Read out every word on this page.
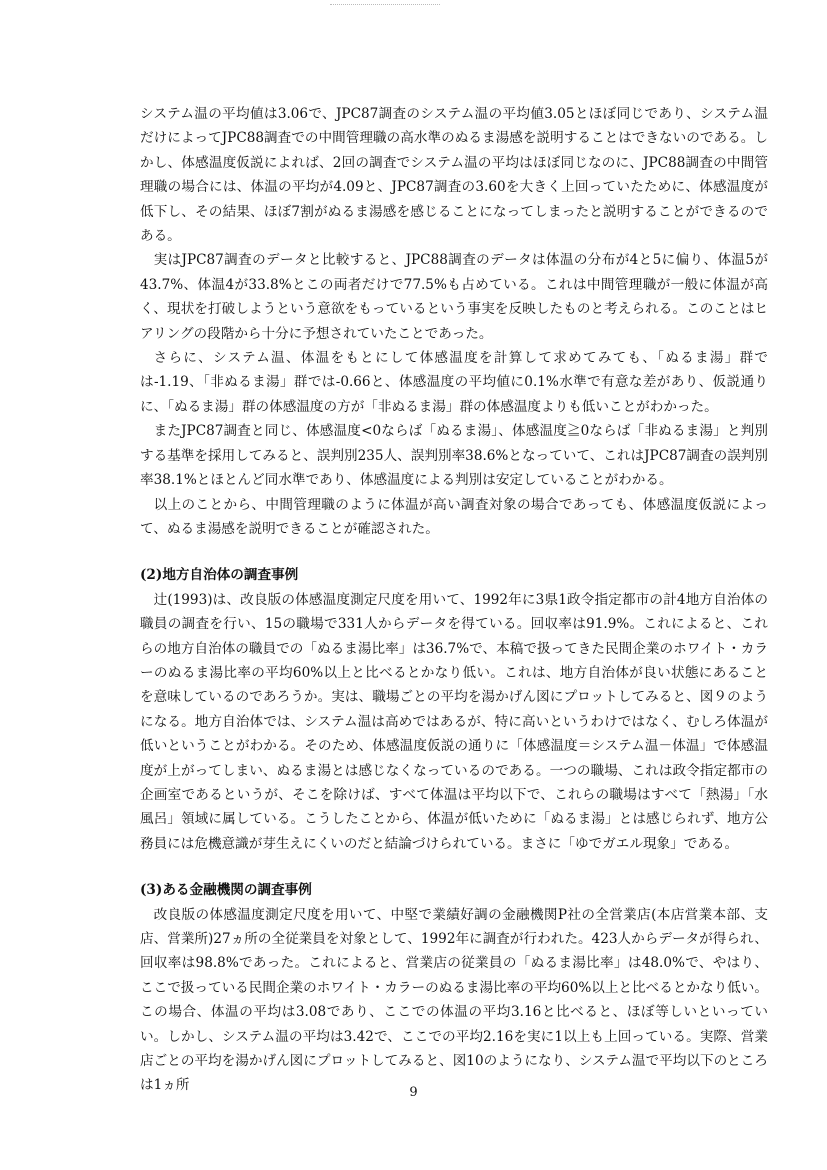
システム温の平均値は3.06で、JPC87調査のシステム温の平均値3.05とほぼ同じであり、システム温だけによってJPC88調査での中間管理職の高水準のぬるま湯感を説明することはできないのである。しかし、体感温度仮説によれば、2回の調査でシステム温の平均はほぼ同じなのに、JPC88調査の中間管理職の場合には、体温の平均が4.09と、JPC87調査の3.60を大きく上回っていたために、体感温度が低下し、その結果、ほぼ7割がぬるま湯感を感じることになってしまったと説明することができるのである。

実はJPC87調査のデータと比較すると、JPC88調査のデータは体温の分布が4と5に偏り、体温5が43.7%、体温4が33.8%とこの両者だけで77.5%も占めている。これは中間管理職が一般に体温が高く、現状を打破しようという意欲をもっているという事実を反映したものと考えられる。このことはヒアリングの段階から十分に予想されていたことであった。

さらに、システム温、体温をもとにして体感温度を計算して求めてみても、「ぬるま湯」群では-1.19、「非ぬるま湯」群では-0.66と、体感温度の平均値に0.1%水準で有意な差があり、仮説通りに、「ぬるま湯」群の体感温度の方が「非ぬるま湯」群の体感温度よりも低いことがわかった。

またJPC87調査と同じ、体感温度<0ならば「ぬるま湯」、体感温度≧0ならば「非ぬるま湯」と判別する基準を採用してみると、誤判別235人、誤判別率38.6%となっていて、これはJPC87調査の誤判別率38.1%とほとんど同水準であり、体感温度による判別は安定していることがわかる。

以上のことから、中間管理職のように体温が高い調査対象の場合であっても、体感温度仮説によって、ぬるま湯感を説明できることが確認された。

(2)地方自治体の調査事例

辻(1993)は、改良版の体感温度測定尺度を用いて、1992年に3県1政令指定都市の計4地方自治体の職員の調査を行い、15の職場で331人からデータを得ている。回収率は91.9%。これによると、これらの地方自治体の職員での「ぬるま湯比率」は36.7%で、本稿で扱ってきた民間企業のホワイト・カラーのぬるま湯比率の平均60%以上と比べるとかなり低い。これは、地方自治体が良い状態にあることを意味しているのであろうか。実は、職場ごとの平均を湯かげん図にプロットしてみると、図９のようになる。地方自治体では、システム温は高めではあるが、特に高いというわけではなく、むしろ体温が低いということがわかる。そのため、体感温度仮説の通りに「体感温度＝システム温－体温」で体感温度が上がってしまい、ぬるま湯とは感じなくなっているのである。一つの職場、これは政令指定都市の企画室であるというが、そこを除けば、すべて体温は平均以下で、これらの職場はすべて「熱湯」「水風呂」領域に属している。こうしたことから、体温が低いために「ぬるま湯」とは感じられず、地方公務員には危機意識が芽生えにくいのだと結論づけられている。まさに「ゆでガエル現象」である。

(3)ある金融機関の調査事例

改良版の体感温度測定尺度を用いて、中堅で業績好調の金融機関P社の全営業店(本店営業本部、支店、営業所)27ヵ所の全従業員を対象として、1992年に調査が行われた。423人からデータが得られ、回収率は98.8%であった。これによると、営業店の従業員の「ぬるま湯比率」は48.0%で、やはり、ここで扱っている民間企業のホワイト・カラーのぬるま湯比率の平均60%以上と比べるとかなり低い。この場合、体温の平均は3.08であり、ここでの体温の平均3.16と比べると、ほぼ等しいといっていい。しかし、システム温の平均は3.42で、ここでの平均2.16を実に1以上も上回っている。実際、営業店ごとの平均を湯かげん図にプロットしてみると、図10のようになり、システム温で平均以下のところは1ヵ所	9
